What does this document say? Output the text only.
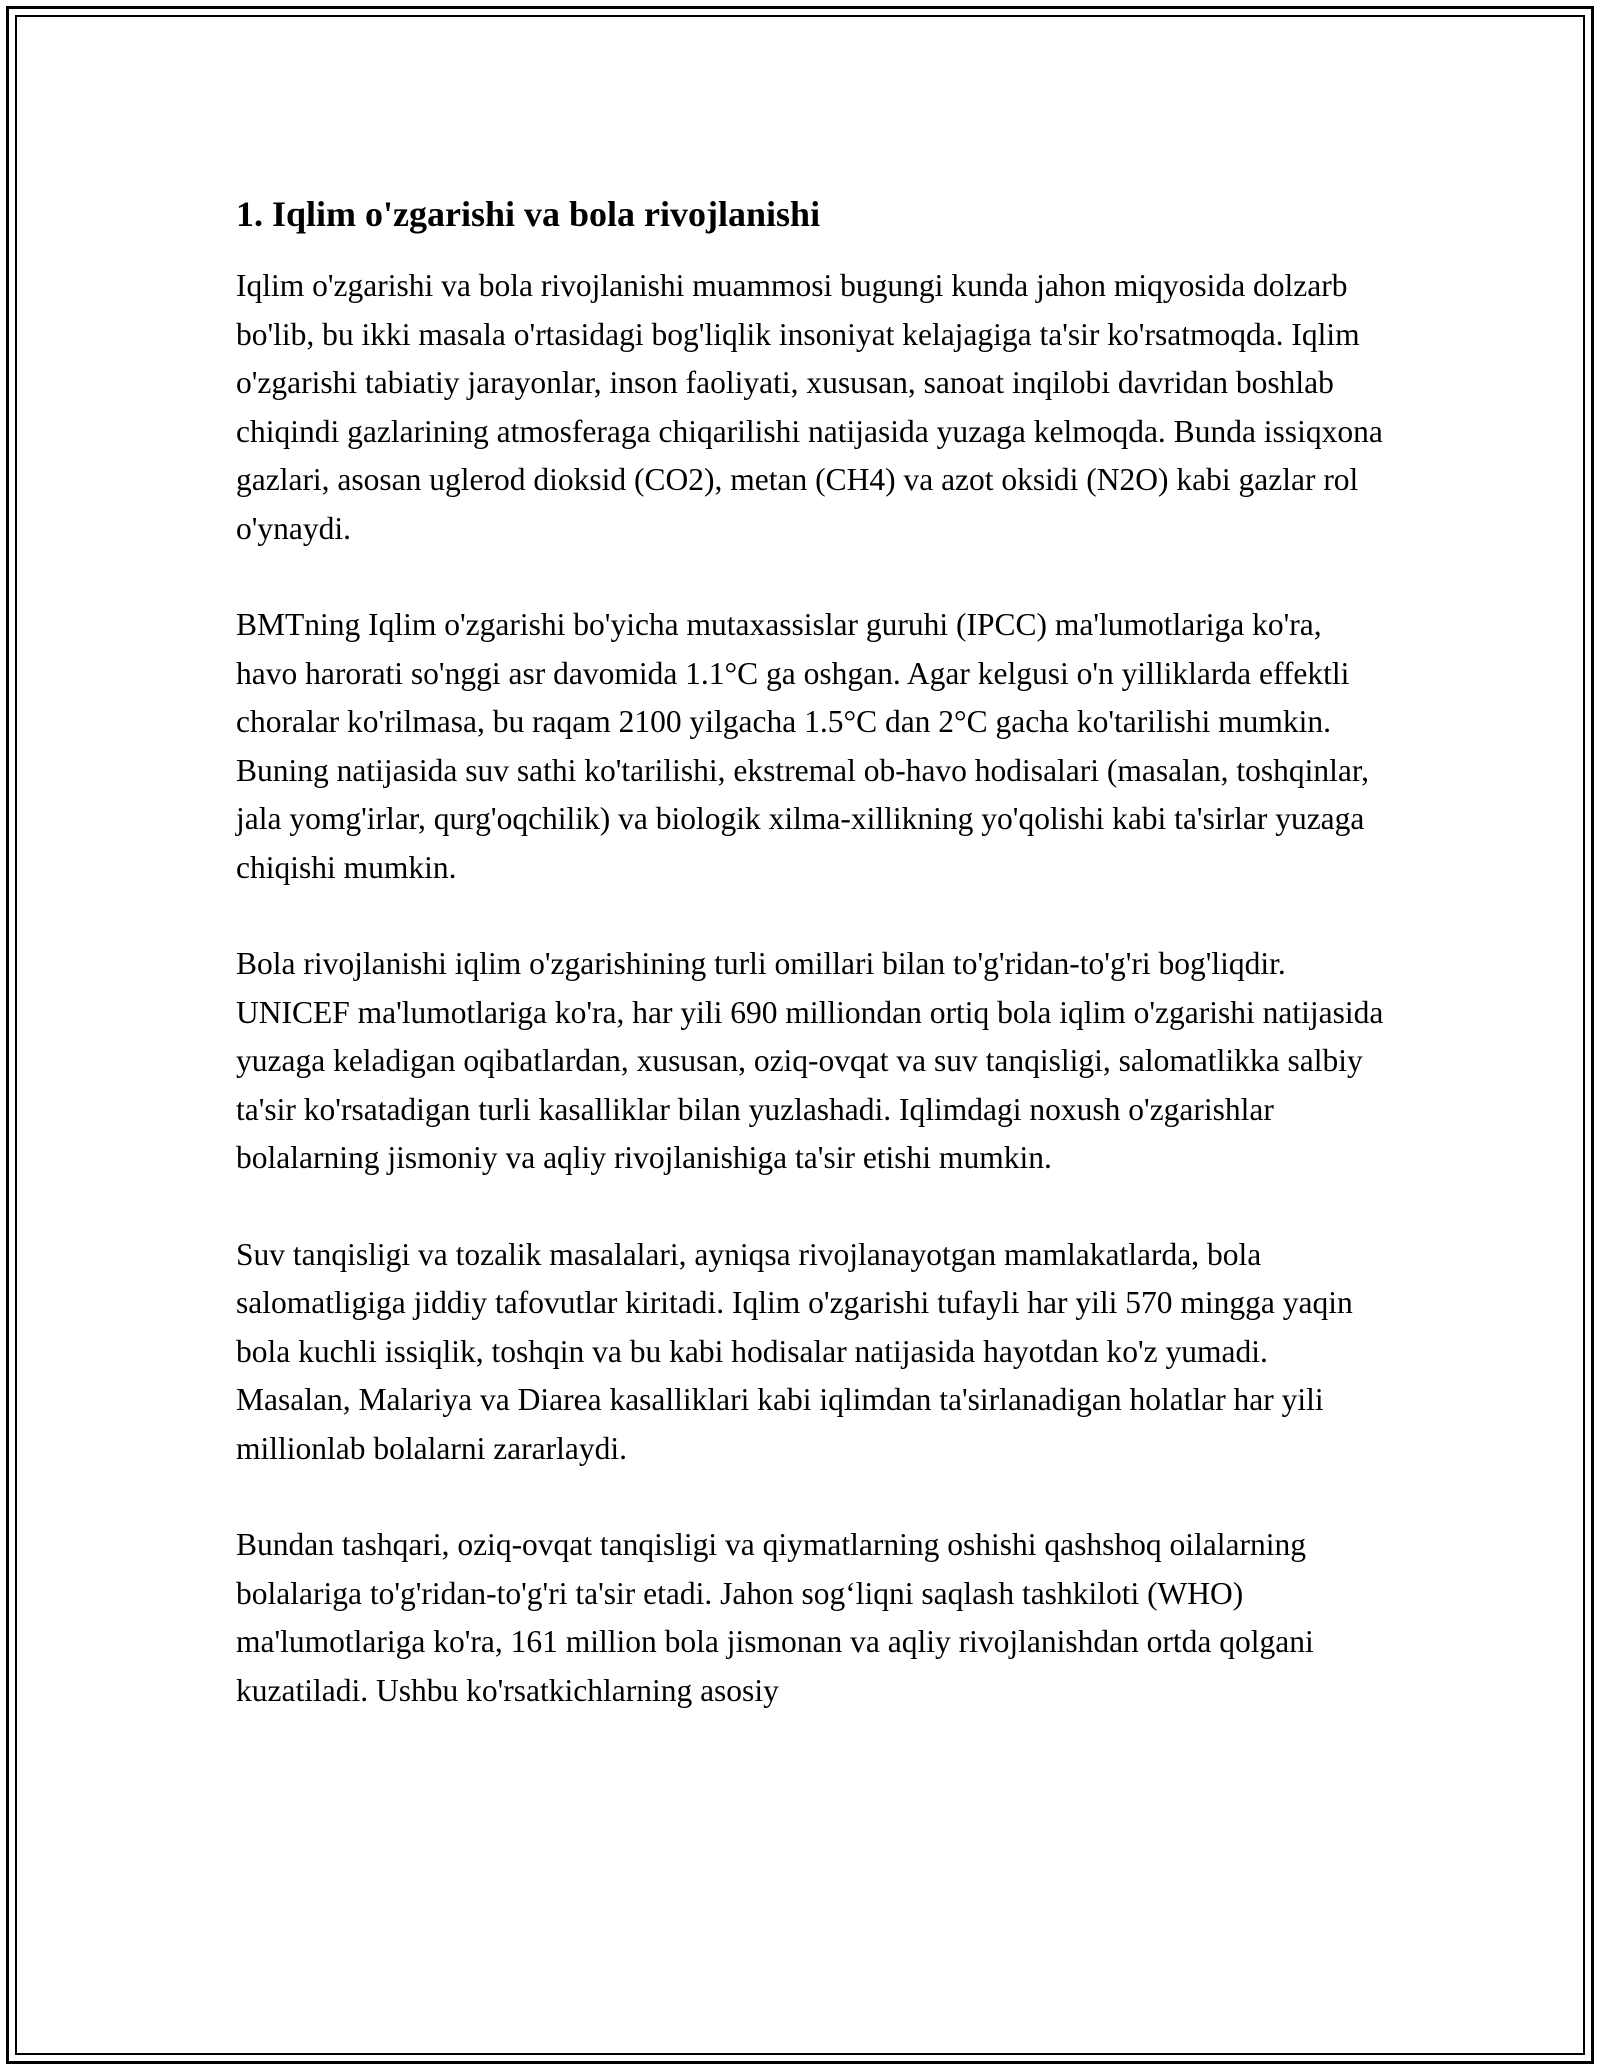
1. Iqlim o'zgarishi va bola rivojlanishi

Iqlim o'zgarishi va bola rivojlanishi muammosi bugungi kunda jahon miqyosida dolzarb bo'lib, bu ikki masala o'rtasidagi bog'liqlik insoniyat kelajagiga ta'sir ko'rsatmoqda. Iqlim o'zgarishi tabiatiy jarayonlar, inson faoliyati, xususan, sanoat inqilobi davridan boshlab chiqindi gazlarining atmosferaga chiqarilishi natijasida yuzaga kelmoqda. Bunda issiqxona gazlari, asosan uglerod dioksid (CO2), metan (CH4) va azot oksidi (N2O) kabi gazlar rol o'ynaydi.

BMTning Iqlim o'zgarishi bo'yicha mutaxassislar guruhi (IPCC) ma'lumotlariga ko'ra, havo harorati so'nggi asr davomida 1.1°C ga oshgan. Agar kelgusi o'n yilliklarda effektli choralar ko'rilmasa, bu raqam 2100 yilgacha 1.5°C dan 2°C gacha ko'tarilishi mumkin. Buning natijasida suv sathi ko'tarilishi, ekstremal ob-havo hodisalari (masalan, toshqinlar, jala yomg'irlar, qurg'oqchilik) va biologik xilma-xillikning yo'qolishi kabi ta'sirlar yuzaga chiqishi mumkin.

Bola rivojlanishi iqlim o'zgarishining turli omillari bilan to'g'ridan-to'g'ri bog'liqdir. UNICEF ma'lumotlariga ko'ra, har yili 690 milliondan ortiq bola iqlim o'zgarishi natijasida yuzaga keladigan oqibatlardan, xususan, oziq-ovqat va suv tanqisligi, salomatlikka salbiy ta'sir ko'rsatadigan turli kasalliklar bilan yuzlashadi. Iqlimdagi noxush o'zgarishlar bolalarning jismoniy va aqliy rivojlanishiga ta'sir etishi mumkin.

Suv tanqisligi va tozalik masalalari, ayniqsa rivojlanayotgan mamlakatlarda, bola salomatligiga jiddiy tafovutlar kiritadi. Iqlim o'zgarishi tufayli har yili 570 mingga yaqin bola kuchli issiqlik, toshqin va bu kabi hodisalar natijasida hayotdan ko'z yumadi. Masalan, Malariya va Diarea kasalliklari kabi iqlimdan ta'sirlanadigan holatlar har yili millionlab bolalarni zararlaydi.

Bundan tashqari, oziq-ovqat tanqisligi va qiymatlarning oshishi qashshoq oilalarning bolalariga to'g'ridan-to'g'ri ta'sir etadi. Jahon sog‘liqni saqlash tashkiloti (WHO) ma'lumotlariga ko'ra, 161 million bola jismonan va aqliy rivojlanishdan ortda qolgani kuzatiladi. Ushbu ko'rsatkichlarning asosiy
